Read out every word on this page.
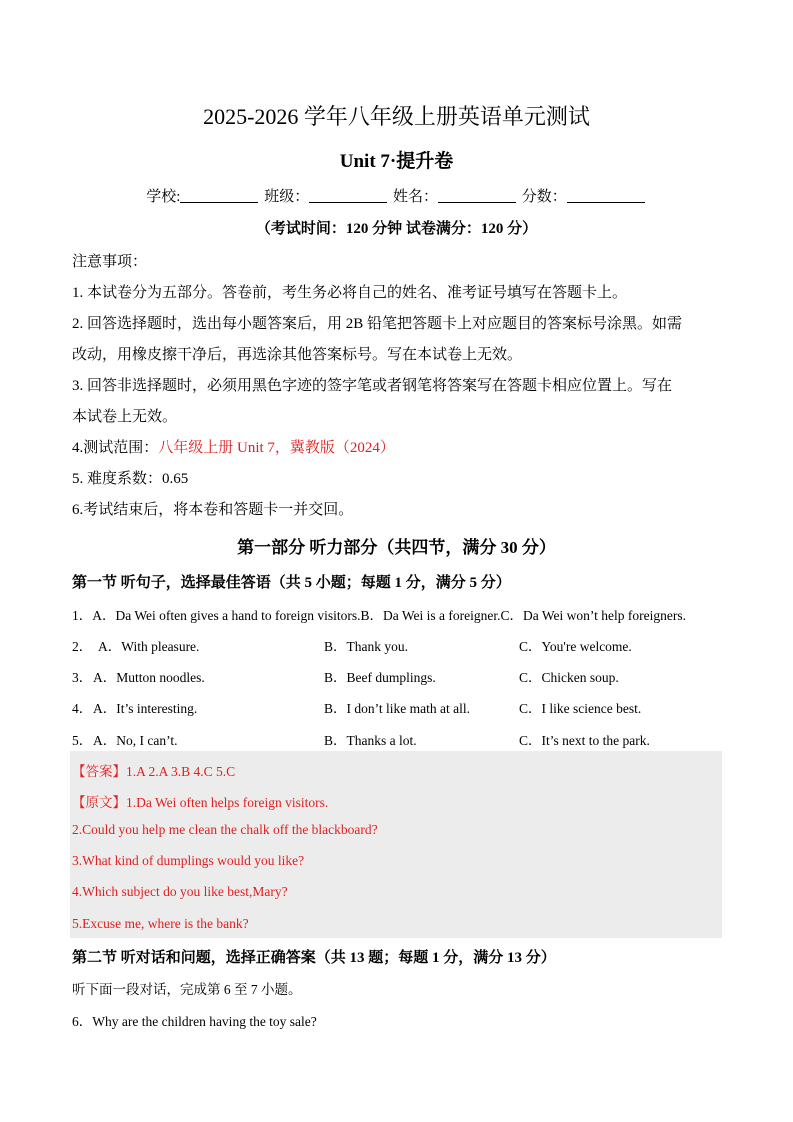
2025-2026 学年八年级上册英语单元测试
Unit 7·提升卷
学校:	班级：	姓名：	分数：
（考试时间：120 分钟 试卷满分：120 分）
注意事项：
1. 本试卷分为五部分。答卷前，考生务必将自己的姓名、准考证号填写在答题卡上。
2. 回答选择题时，选出每小题答案后，用 2B 铅笔把答题卡上对应题目的答案标号涂黑。如需
改动，用橡皮擦干净后，再选涂其他答案标号。写在本试卷上无效。
3. 回答非选择题时，必须用黑色字迹的签字笔或者钢笔将答案写在答题卡相应位置上。写在
本试卷上无效。
4.测试范围：八年级上册 Unit 7，冀教版（2024）
5. 难度系数：0.65
6.考试结束后，将本卷和答题卡一并交回。
第一部分 听力部分（共四节，满分 30 分）
第一节 听句子，选择最佳答语（共 5 小题；每题 1 分，满分 5 分）
1．A．Da Wei often gives a hand to foreign visitors.B．Da Wei is a foreigner.C．Da Wei won’t help foreigners.
2． A．With pleasure.	B．Thank you.	C．You're welcome.
3． A．Mutton noodles.	B．Beef dumplings.	C．Chicken soup.
4． A．It’s interesting.	B．I don’t like math at all.	C．I like science best.
5． A．No, I can’t.	B．Thanks a lot.	C．It’s next to the park.
【答案】1.A 2.A 3.B 4.C 5.C
【原文】1.Da Wei often helps foreign visitors.
2.Could you help me clean the chalk off the blackboard?
3.What kind of dumplings would you like?
4.Which subject do you like best,Mary?
5.Excuse me, where is the bank?
第二节 听对话和问题，选择正确答案（共 13 题；每题 1 分，满分 13 分）
听下面一段对话，完成第 6 至 7 小题。
6．Why are the children having the toy sale?
